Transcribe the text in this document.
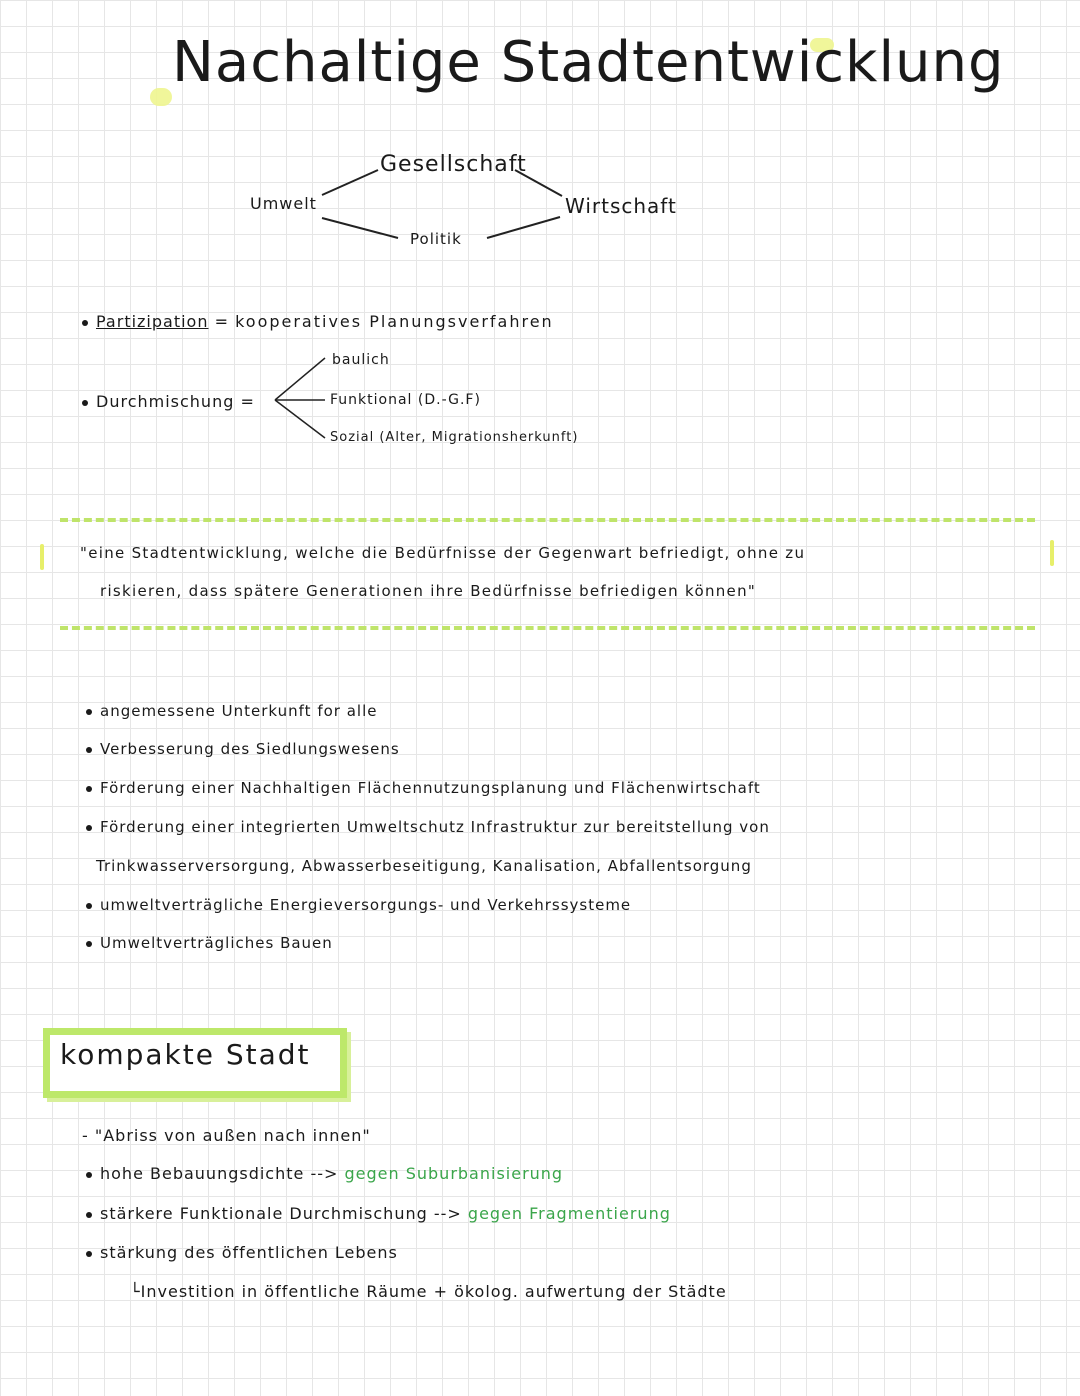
Nachaltige Stadtentwicklung
Gesellschaft
Umwelt	Wirtschaft
Politik
Partizipation = kooperatives Planungsverfahren
Durchmischung =
baulich
Funktional (D.-G.F)
Sozial (Alter, Migrationsherkunft)
"eine Stadtentwicklung, welche die Bedürfnisse der Gegenwart befriedigt, ohne zu
riskieren, dass spätere Generationen ihre Bedürfnisse befriedigen können"
angemessene Unterkunft for alle
Verbesserung des Siedlungswesens
Förderung einer Nachhaltigen Flächennutzungsplanung und Flächenwirtschaft
Förderung einer integrierten Umweltschutz Infrastruktur zur bereitstellung von
Trinkwasserversorgung, Abwasserbeseitigung, Kanalisation, Abfallentsorgung
umweltverträgliche Energieversorgungs- und Verkehrssysteme
Umweltverträgliches Bauen
kompakte Stadt
- "Abriss von außen nach innen"
hohe Bebauungsdichte --> gegen Suburbanisierung
stärkere Funktionale Durchmischung --> gegen Fragmentierung
stärkung des öffentlichen Lebens
└Investition in öffentliche Räume + ökolog. aufwertung der Städte
